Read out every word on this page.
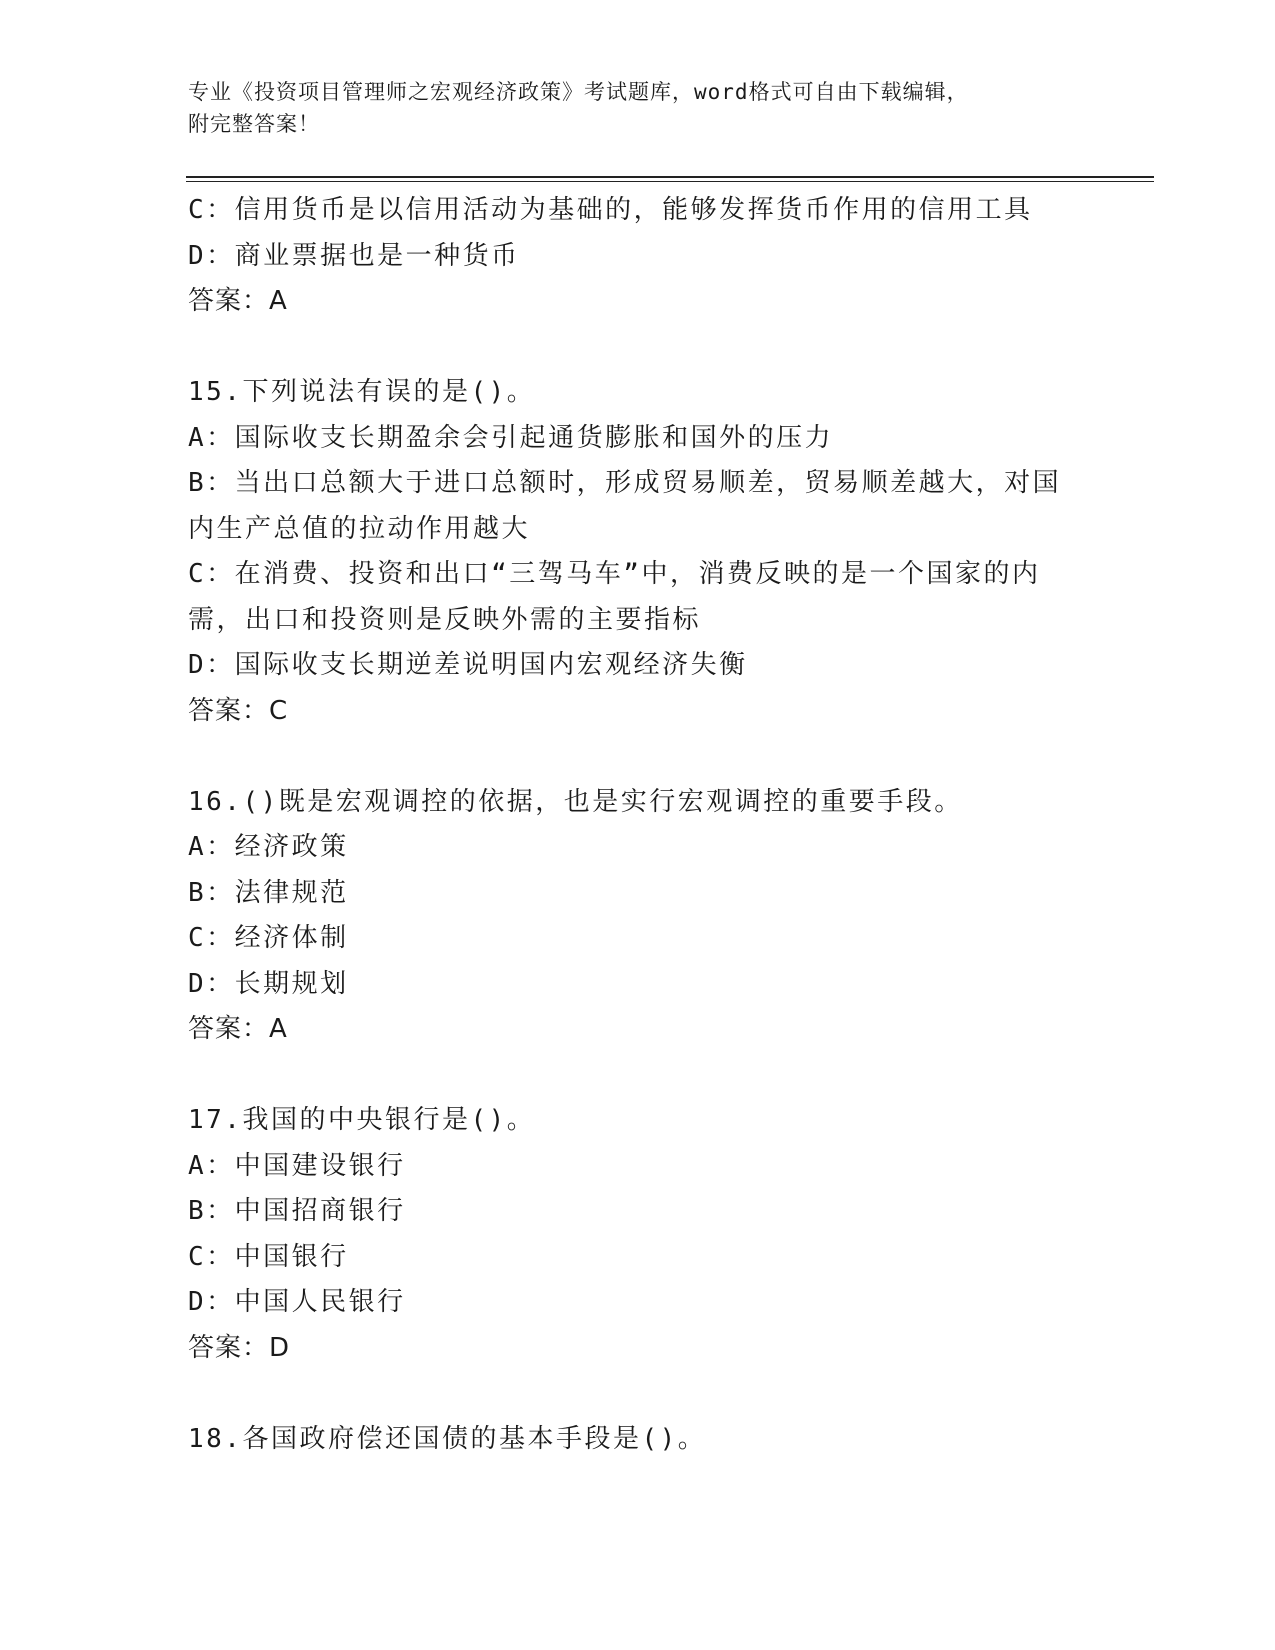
专业《投资项目管理师之宏观经济政策》考试题库，word格式可自由下载编辑，
附完整答案！
C：信用货币是以信用活动为基础的，能够发挥货币作用的信用工具
D：商业票据也是一种货币
答案：A
15.下列说法有误的是()。
A：国际收支长期盈余会引起通货膨胀和国外的压力
B：当出口总额大于进口总额时，形成贸易顺差，贸易顺差越大，对国
内生产总值的拉动作用越大
C：在消费、投资和出口“三驾马车”中，消费反映的是一个国家的内
需，出口和投资则是反映外需的主要指标
D：国际收支长期逆差说明国内宏观经济失衡
答案：C
16.()既是宏观调控的依据，也是实行宏观调控的重要手段。
A：经济政策
B：法律规范
C：经济体制
D：长期规划
答案：A
17.我国的中央银行是()。
A：中国建设银行
B：中国招商银行
C：中国银行
D：中国人民银行
答案：D
18.各国政府偿还国债的基本手段是()。
